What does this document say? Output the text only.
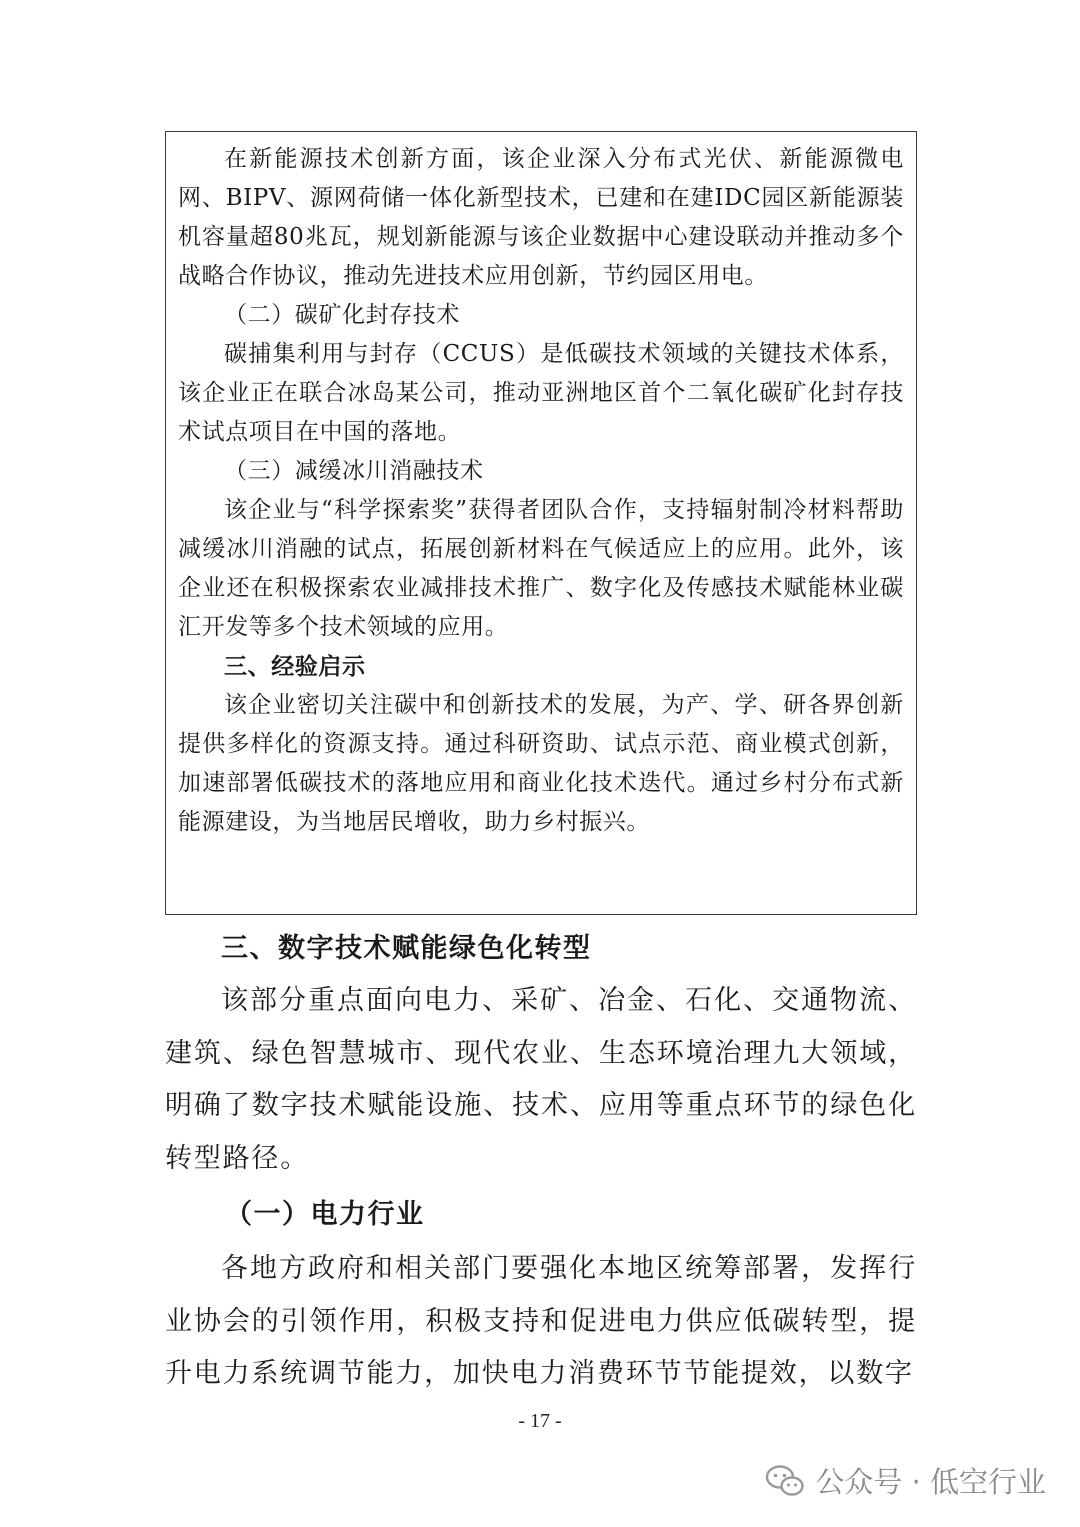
在新能源技术创新方面，该企业深入分布式光伏、新能源微电网、BIPV、源网荷储一体化新型技术，已建和在建IDC园区新能源装机容量超80兆瓦，规划新能源与该企业数据中心建设联动并推动多个战略合作协议，推动先进技术应用创新，节约园区用电。

（二）碳矿化封存技术

碳捕集利用与封存（CCUS）是低碳技术领域的关键技术体系，该企业正在联合冰岛某公司，推动亚洲地区首个二氧化碳矿化封存技术试点项目在中国的落地。

（三）减缓冰川消融技术

该企业与“科学探索奖”获得者团队合作，支持辐射制冷材料帮助减缓冰川消融的试点，拓展创新材料在气候适应上的应用。此外，该企业还在积极探索农业减排技术推广、数字化及传感技术赋能林业碳汇开发等多个技术领域的应用。

三、经验启示

该企业密切关注碳中和创新技术的发展，为产、学、研各界创新提供多样化的资源支持。通过科研资助、试点示范、商业模式创新，加速部署低碳技术的落地应用和商业化技术迭代。通过乡村分布式新能源建设，为当地居民增收，助力乡村振兴。

三、数字技术赋能绿色化转型

该部分重点面向电力、采矿、冶金、石化、交通物流、建筑、绿色智慧城市、现代农业、生态环境治理九大领域，明确了数字技术赋能设施、技术、应用等重点环节的绿色化转型路径。

（一）电力行业

各地方政府和相关部门要强化本地区统筹部署，发挥行业协会的引领作用，积极支持和促进电力供应低碳转型，提升电力系统调节能力，加快电力消费环节节能提效，以数字

- 17 -
公众号 · 低空行业
